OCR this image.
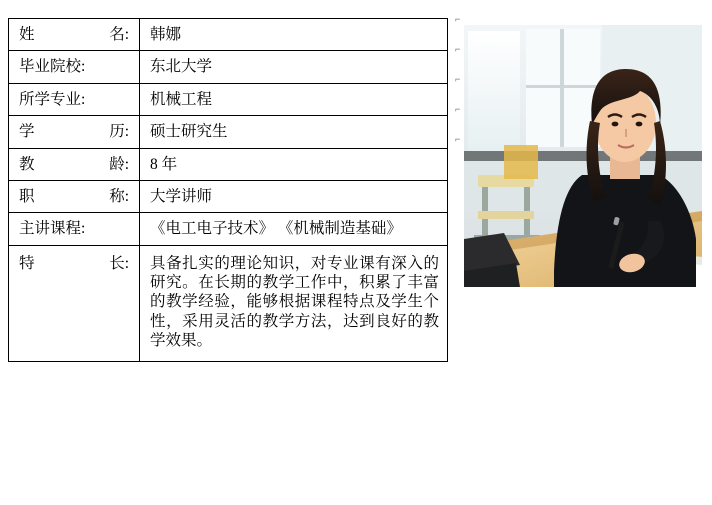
姓 名:	韩娜

毕业院校:	东北大学

所学专业:	机械工程

学 历:	硕士研究生

教 龄:	8 年

职 称:	大学讲师

主讲课程:	《电工电子技术》 《机械制造基础》

特 长:	具备扎实的理论知识，对专业课有深入的研究。在长期的教学工作中，积累了丰富的教学经验，能够根据课程特点及学生个性，采用灵活的教学方法，达到良好的教学效果。
⌐
⌐
⌐
⌐
⌐
